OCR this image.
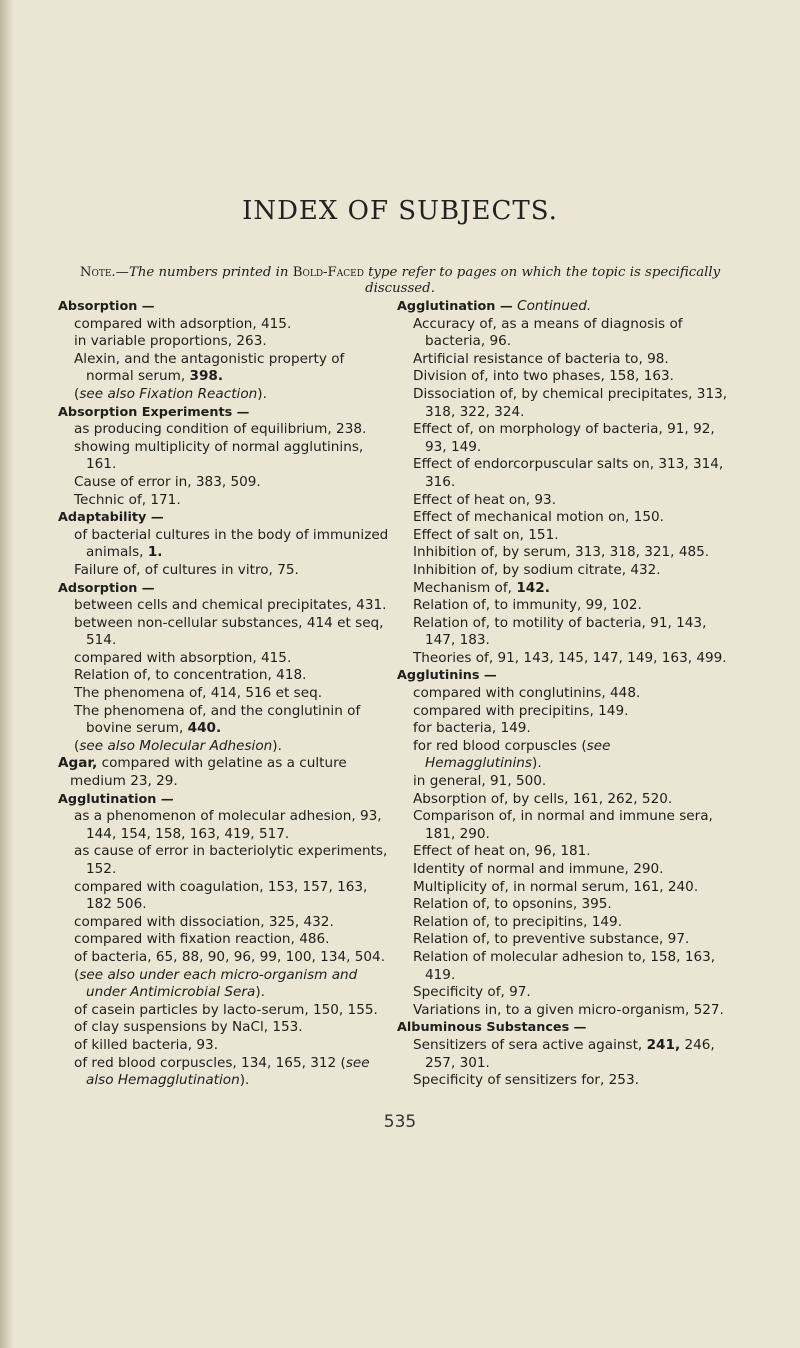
INDEX OF SUBJECTS.
Note.—The numbers printed in Bold-Faced type refer to pages on which the topic is specifically discussed.

Absorption —

compared with adsorption, 415.

in variable proportions, 263.

Alexin, and the antagonistic property of normal serum, 398.

(see also Fixation Reaction).

Absorption Experiments —

as producing condition of equilibrium, 238.

showing multiplicity of normal agglutinins, 161.

Cause of error in, 383, 509.

Technic of, 171.

Adaptability —

of bacterial cultures in the body of immunized animals, 1.

Failure of, of cultures in vitro, 75.

Adsorption —

between cells and chemical precipitates, 431.

between non-cellular substances, 414 et seq, 514.

compared with absorption, 415.

Relation of, to concentration, 418.

The phenomena of, 414, 516 et seq.

The phenomena of, and the conglutinin of bovine serum, 440.

(see also Molecular Adhesion).

Agar, compared with gelatine as a culture medium 23, 29.

Agglutination —

as a phenomenon of molecular adhesion, 93, 144, 154, 158, 163, 419, 517.

as cause of error in bacteriolytic experiments, 152.

compared with coagulation, 153, 157, 163, 182 506.

compared with dissociation, 325, 432.

compared with fixation reaction, 486.

of bacteria, 65, 88, 90, 96, 99, 100, 134, 504.

(see also under each micro-organism and under Antimicrobial Sera).

of casein particles by lacto-serum, 150, 155.

of clay suspensions by NaCl, 153.

of killed bacteria, 93.

of red blood corpuscles, 134, 165, 312 (see also Hemagglutination).

Agglutination — Continued.

Accuracy of, as a means of diagnosis of bacteria, 96.

Artificial resistance of bacteria to, 98.

Division of, into two phases, 158, 163.

Dissociation of, by chemical precipitates, 313, 318, 322, 324.

Effect of, on morphology of bacteria, 91, 92, 93, 149.

Effect of endorcorpuscular salts on, 313, 314, 316.

Effect of heat on, 93.

Effect of mechanical motion on, 150.

Effect of salt on, 151.

Inhibition of, by serum, 313, 318, 321, 485.

Inhibition of, by sodium citrate, 432.

Mechanism of, 142.

Relation of, to immunity, 99, 102.

Relation of, to motility of bacteria, 91, 143, 147, 183.

Theories of, 91, 143, 145, 147, 149, 163, 499.

Agglutinins —

compared with conglutinins, 448.

compared with precipitins, 149.

for bacteria, 149.

for red blood corpuscles (see Hemagglutinins).

in general, 91, 500.

Absorption of, by cells, 161, 262, 520.

Comparison of, in normal and immune sera, 181, 290.

Effect of heat on, 96, 181.

Identity of normal and immune, 290.

Multiplicity of, in normal serum, 161, 240.

Relation of, to opsonins, 395.

Relation of, to precipitins, 149.

Relation of, to preventive substance, 97.

Relation of molecular adhesion to, 158, 163, 419.

Specificity of, 97.

Variations in, to a given micro-organism, 527.

Albuminous Substances —

Sensitizers of sera active against, 241, 246, 257, 301.

Specificity of sensitizers for, 253.

535
